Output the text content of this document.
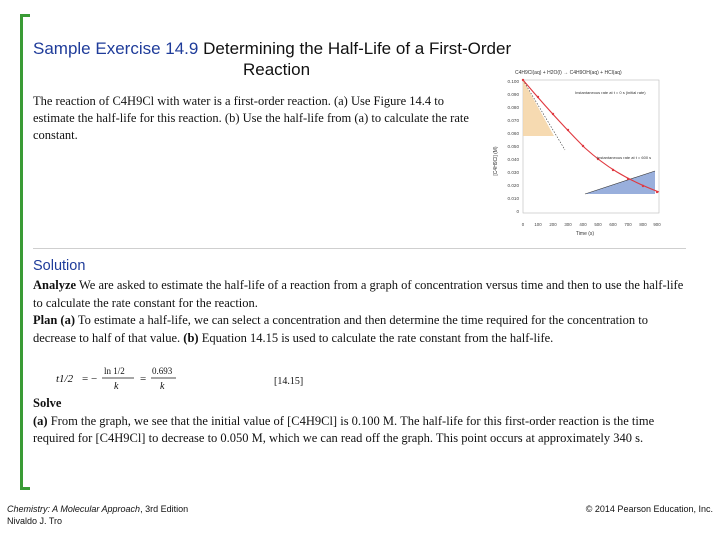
Sample Exercise 14.9 Determining the Half-Life of a First-Order
Reaction
The reaction of C4H9Cl with water is a first-order reaction. (a) Use Figure 14.4 to estimate the half-life for this reaction. (b) Use the half-life from (a) to calculate the rate constant.
C4H9Cl(aq) + H2O(l) → C4H9OH(aq) + HCl(aq)
0.100
0.090
0.080
0.070
0.060
0.050
0.040
0.030
0.020
0.010
0
0 100 200 300 400 500 600 700 800 900
Time (s)
[C4H9Cl] (M)
Instantaneous rate at t = 0 s (initial rate)
Instantaneous rate at t = 600 s
Solution
Analyze We are asked to estimate the half-life of a reaction from a graph of concentration versus time and then to use the half-life to calculate the rate constant for the reaction.
Plan (a) To estimate a half-life, we can select a concentration and then determine the time required for the concentration to decrease to half of that value. (b) Equation 14.15 is used to calculate the rate constant from the half-life.
t1/2 = −
ln 1/2
k
=
0.693
k	[14.15]
Solve
(a) From the graph, we see that the initial value of [C4H9Cl] is 0.100 M. The half-life for this first-order reaction is the time required for [C4H9Cl] to decrease to 0.050 M, which we can read off the graph. This point occurs at approximately 340 s.
Chemistry: A Molecular Approach, 3rd Edition
Nivaldo J. Tro
© 2014 Pearson Education, Inc.
